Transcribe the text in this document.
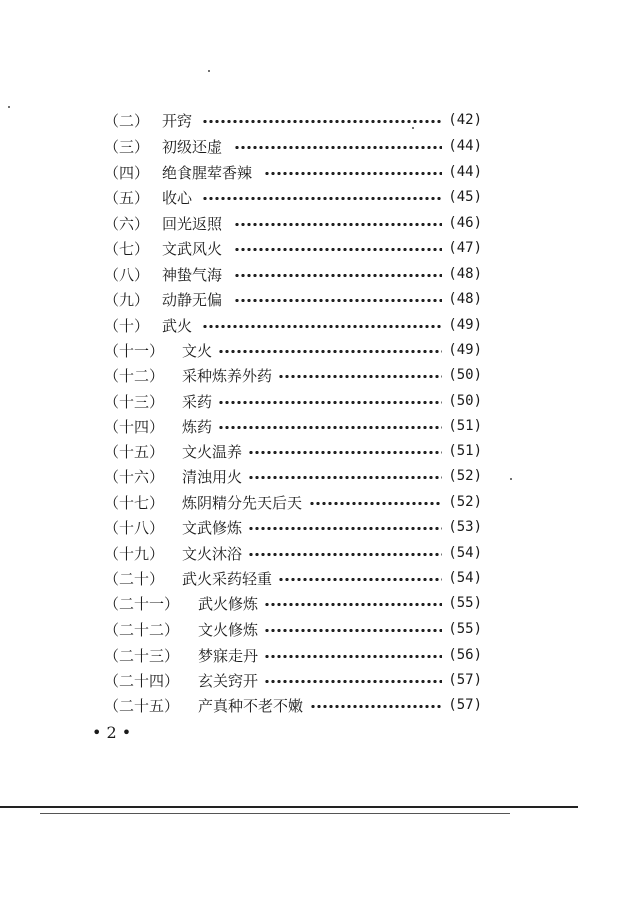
（二） 开窍	(42)
（三） 初级还虚	(44)
（四） 绝食腥荤香辣	(44)
（五） 收心	(45)
（六） 回光返照	(46)
（七） 文武风火	(47)
（八） 神蛰气海	(48)
（九） 动静无偏	(48)
（十） 武火	(49)
（十一）	文火	(49)
（十二）	采种炼养外药	(50)
（十三）	采药	(50)
（十四）	炼药	(51)
（十五）	文火温养	(51)
（十六）	清浊用火	(52)
（十七）	炼阴精分先天后天	(52)
（十八）	文武修炼	(53)
（十九）	文火沐浴	(54)
（二十）	武火采药轻重	(54)
（二十一）	武火修炼	(55)
（二十二）	文火修炼	(55)
（二十三）	梦寐走丹	(56)
（二十四）	玄关窍开	(57)
（二十五）	产真种不老不嫩	(57)
• 2 •
